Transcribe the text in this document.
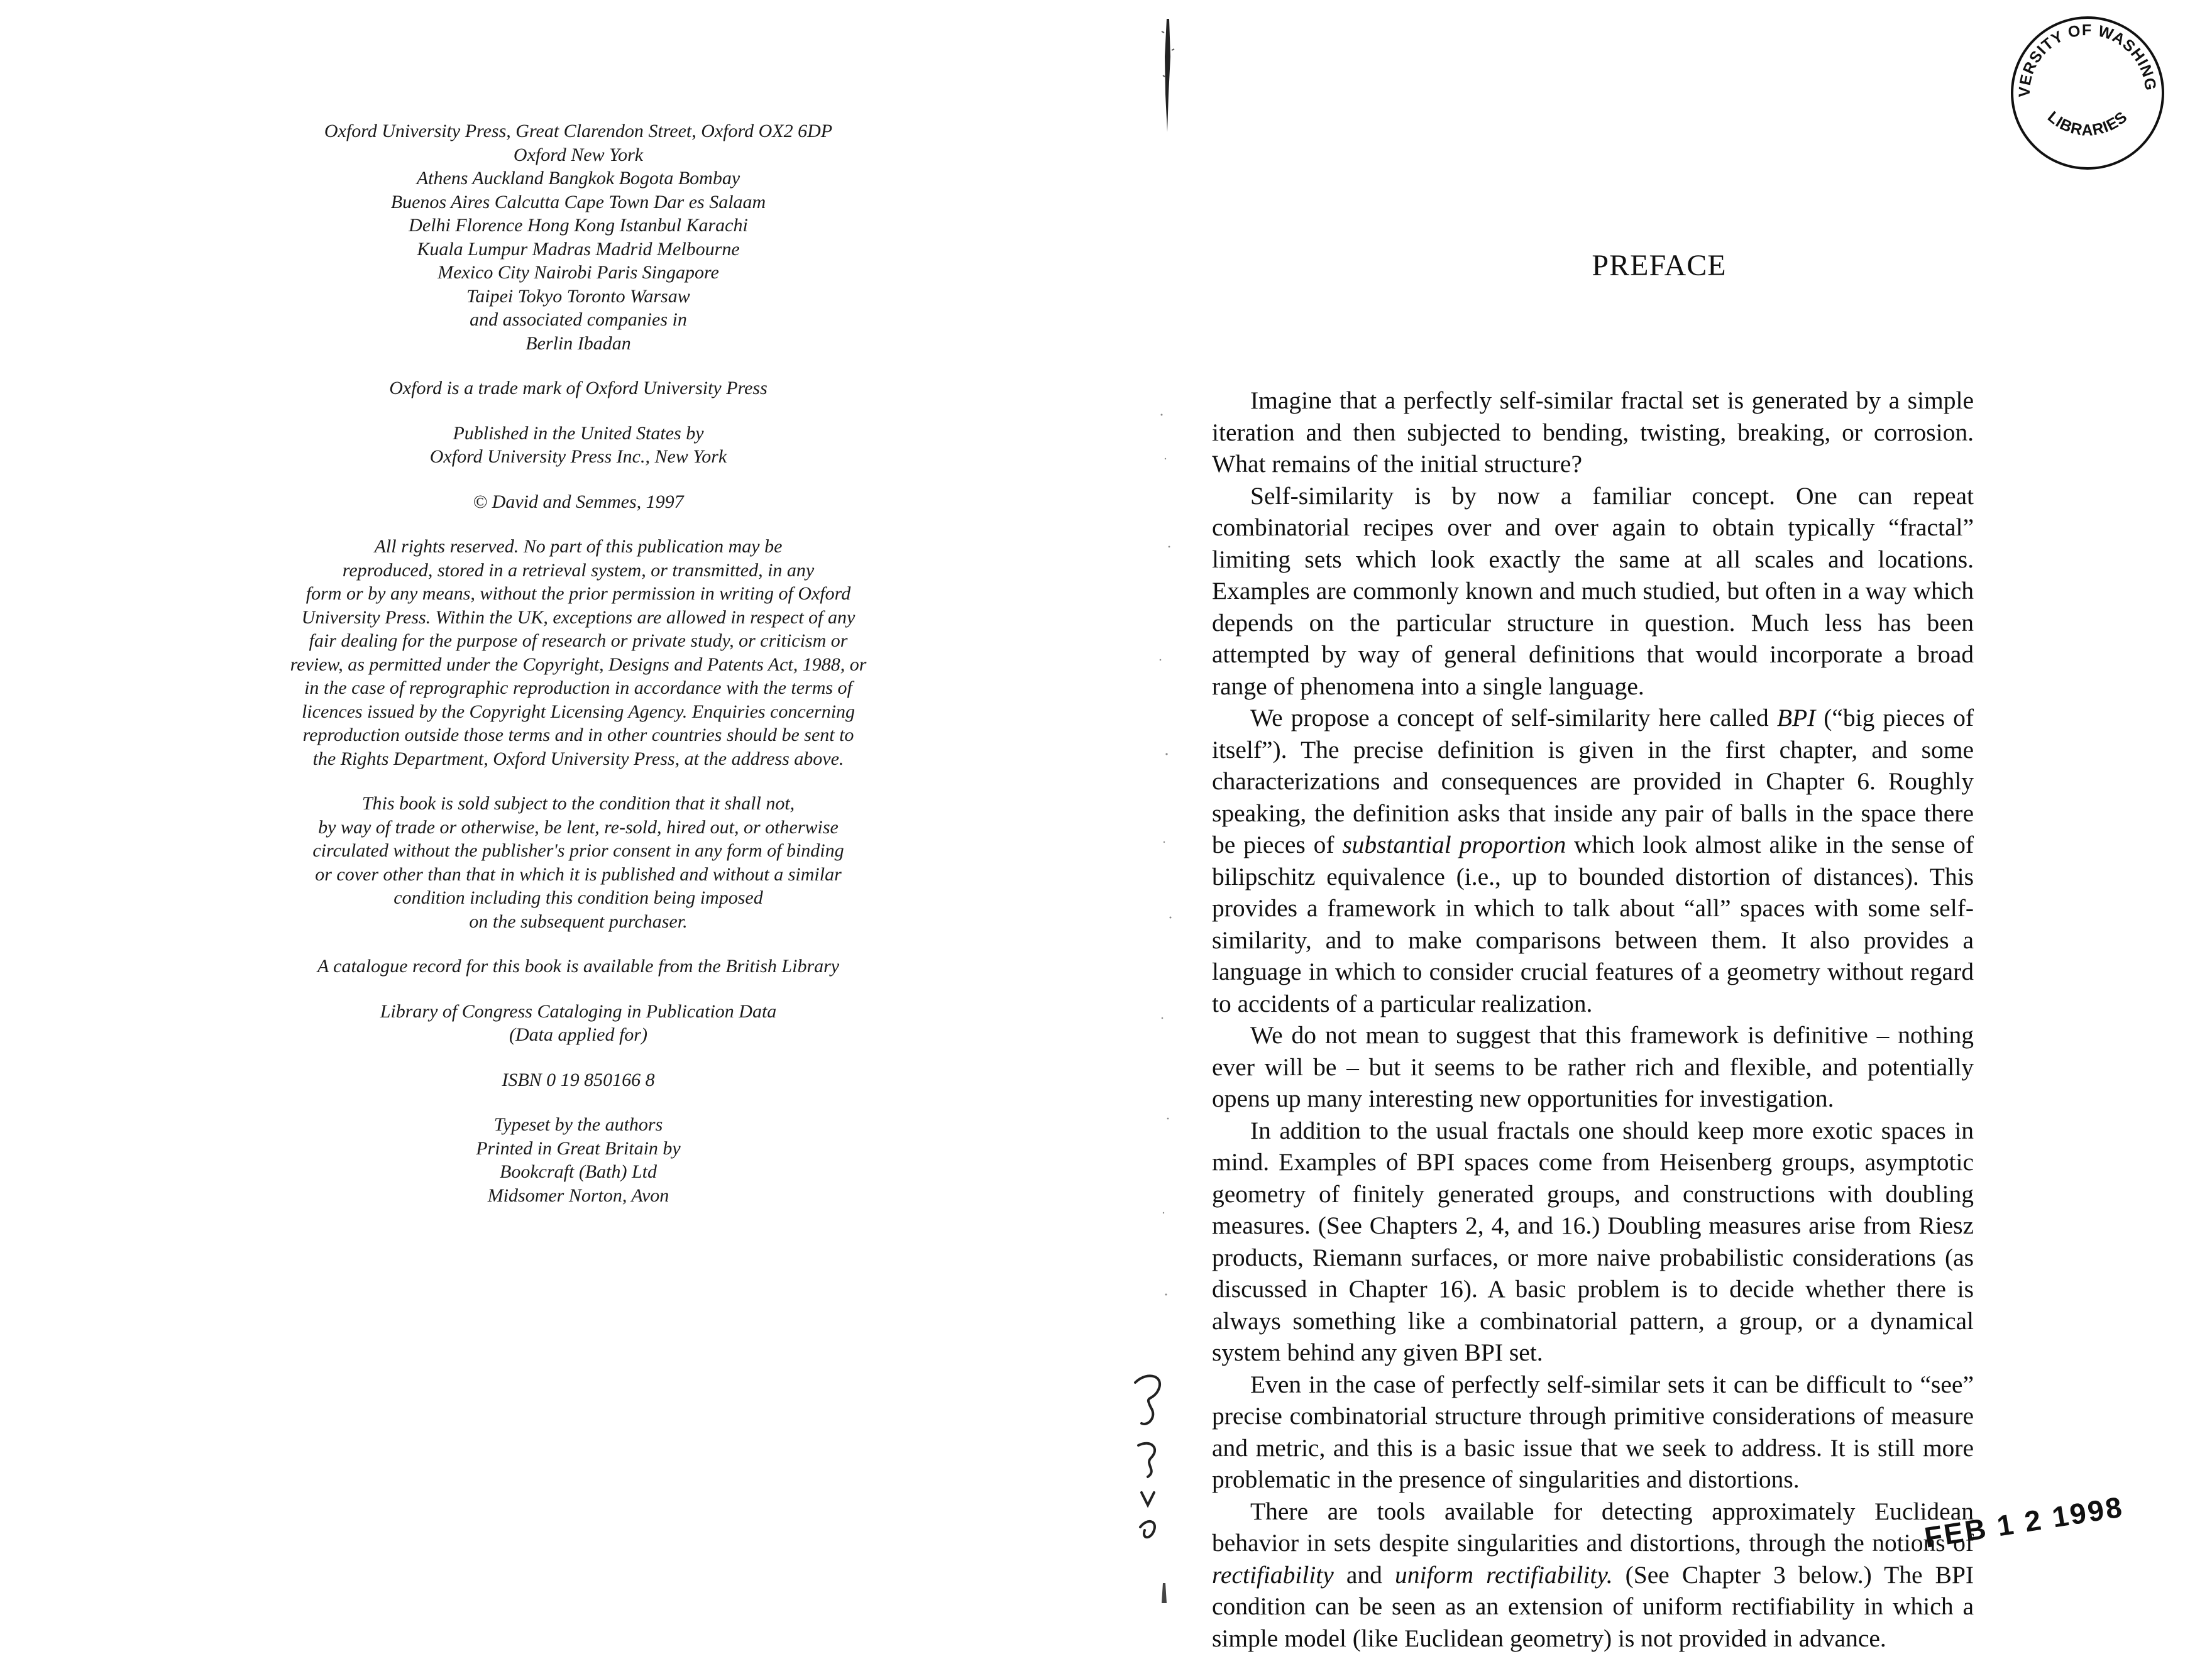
Oxford University Press, Great Clarendon Street, Oxford OX2 6DP
Oxford New York
Athens Auckland Bangkok Bogota Bombay
Buenos Aires Calcutta Cape Town Dar es Salaam
Delhi Florence Hong Kong Istanbul Karachi
Kuala Lumpur Madras Madrid Melbourne
Mexico City Nairobi Paris Singapore
Taipei Tokyo Toronto Warsaw
and associated companies in
Berlin Ibadan
Oxford is a trade mark of Oxford University Press
Published in the United States by
Oxford University Press Inc., New York
© David and Semmes, 1997
All rights reserved. No part of this publication may be
reproduced, stored in a retrieval system, or transmitted, in any
form or by any means, without the prior permission in writing of Oxford
University Press. Within the UK, exceptions are allowed in respect of any
fair dealing for the purpose of research or private study, or criticism or
review, as permitted under the Copyright, Designs and Patents Act, 1988, or
in the case of reprographic reproduction in accordance with the terms of
licences issued by the Copyright Licensing Agency. Enquiries concerning
reproduction outside those terms and in other countries should be sent to
the Rights Department, Oxford University Press, at the address above.
This book is sold subject to the condition that it shall not,
by way of trade or otherwise, be lent, re-sold, hired out, or otherwise
circulated without the publisher's prior consent in any form of binding
or cover other than that in which it is published and without a similar
condition including this condition being imposed
on the subsequent purchaser.
A catalogue record for this book is available from the British Library
Library of Congress Cataloging in Publication Data
(Data applied for)
ISBN 0 19 850166 8
Typeset by the authors
Printed in Great Britain by
Bookcraft (Bath) Ltd
Midsomer Norton, Avon
VERSITY OF WASHING
LIBRARIES
PREFACE

Imagine that a perfectly self-similar fractal set is generated by a simple iteration and then subjected to bending, twisting, breaking, or corrosion. What remains of the initial structure?

Self-similarity is by now a familiar concept. One can repeat combinatorial recipes over and over again to obtain typically “fractal” limiting sets which look exactly the same at all scales and locations. Examples are commonly known and much studied, but often in a way which depends on the particular structure in question. Much less has been attempted by way of general definitions that would incorporate a broad range of phenomena into a single language.

We propose a concept of self-similarity here called BPI (“big pieces of itself”). The precise definition is given in the first chapter, and some characterizations and consequences are provided in Chapter 6. Roughly speaking, the definition asks that inside any pair of balls in the space there be pieces of substantial proportion which look almost alike in the sense of bilipschitz equivalence (i.e., up to bounded distortion of distances). This provides a framework in which to talk about “all” spaces with some self-similarity, and to make comparisons between them. It also provides a language in which to consider crucial features of a geometry without regard to accidents of a particular realization.

We do not mean to suggest that this framework is definitive – nothing ever will be – but it seems to be rather rich and flexible, and potentially opens up many interesting new opportunities for investigation.

In addition to the usual fractals one should keep more exotic spaces in mind. Examples of BPI spaces come from Heisenberg groups, asymptotic geometry of finitely generated groups, and constructions with doubling measures. (See Chapters 2, 4, and 16.) Doubling measures arise from Riesz products, Riemann surfaces, or more naive probabilistic considerations (as discussed in Chapter 16). A basic problem is to decide whether there is always something like a combinatorial pattern, a group, or a dynamical system behind any given BPI set.

Even in the case of perfectly self-similar sets it can be difficult to “see” precise combinatorial structure through primitive considerations of measure and metric, and this is a basic issue that we seek to address. It is still more problematic in the presence of singularities and distortions.

There are tools available for detecting approximately Euclidean behavior in sets despite singularities and distortions, through the notions of rectifiability and uniform rectifiability. (See Chapter 3 below.) The BPI condition can be seen as an extension of uniform rectifiability in which a simple model (like Euclidean geometry) is not provided in advance.

FEB 1 2 1998
